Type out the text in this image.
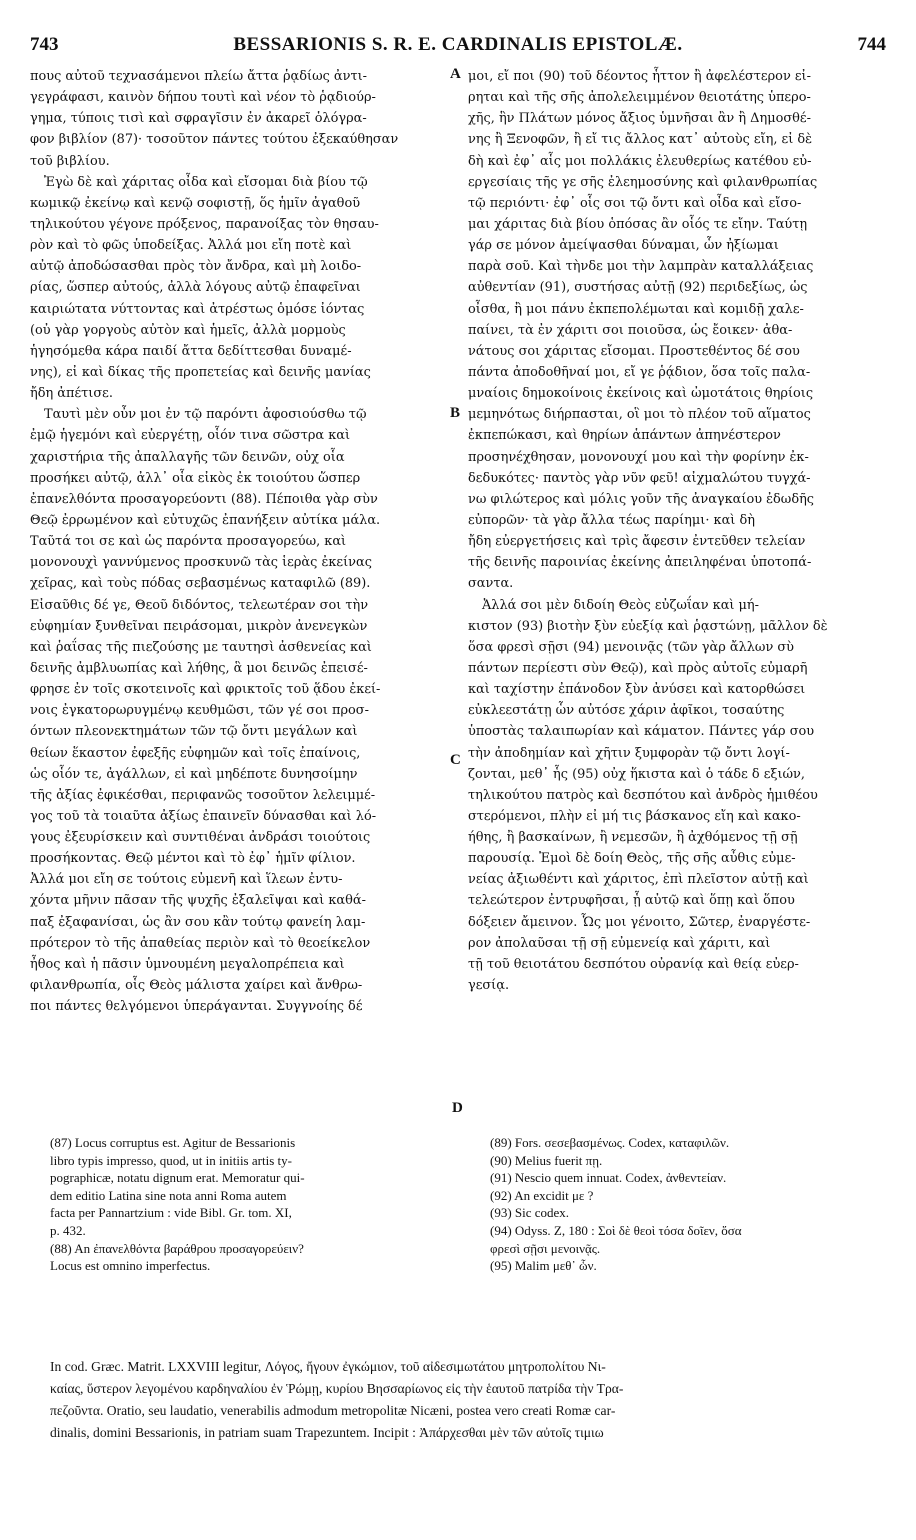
743	BESSARIONIS S. R. E. CARDINALIS EPISTOLÆ.	744
πους αὐτοῦ τεχνασάμενοι πλείω ἄττα ῥᾳδίως ἀντι-
γεγράφασι, καινὸν δήπου τουτὶ καὶ νέον τὸ ῥᾳδιούρ-
γημα, τύποις τισὶ καὶ σφραγῖσιν ἐν ἀκαρεῖ ὁλόγρα-
φον βιβλίον (87)· τοσοῦτον πάντες τούτου ἐξεκαύθησαν
τοῦ βιβλίου.
Ἐγὼ δὲ καὶ χάριτας οἶδα καὶ εἴσομαι διὰ βίου τῷ
κωμικῷ ἐκείνῳ καὶ κενῷ σοφιστῇ, ὅς ἡμῖν ἀγαθοῦ
τηλικούτου γέγονε πρόξενος, παρανοίξας τὸν θησαυ-
ρὸν καὶ τὸ φῶς ὑποδείξας. Ἀλλά μοι εἴη ποτὲ καὶ
αὐτῷ ἀποδώσασθαι πρὸς τὸν ἄνδρα, καὶ μὴ λοιδο-
ρίας, ὥσπερ αὐτούς, ἀλλὰ λόγους αὐτῷ ἐπαφεῖναι
καιριώτατα νύττοντας καὶ ἀτρέστως ὁμόσε ἰόντας
(οὐ γὰρ γοργοὺς αὐτὸν καὶ ἡμεῖς, ἀλλὰ μορμοὺς
ἡγησόμεθα κάρα παιδί ἄττα δεδίττεσθαι δυναμέ-
νης), εἰ καὶ δίκας τῆς προπετείας καὶ δεινῆς μανίας
ἤδη ἀπέτισε.
Ταυτὶ μὲν οὖν μοι ἐν τῷ παρόντι ἀφοσιούσθω τῷ
ἐμῷ ἡγεμόνι καὶ εὐεργέτῃ, οἷόν τινα σῶστρα καὶ
χαριστήρια τῆς ἀπαλλαγῆς τῶν δεινῶν, οὐχ οἷα
προσήκει αὐτῷ, ἀλλ᾽ οἷα εἰκὸς ἐκ τοιούτου ὥσπερ
ἐπανελθόντα προσαγορεύοντι (88). Πέποιθα γὰρ σὺν
Θεῷ ἐρρωμένον καὶ εὐτυχῶς ἐπανήξειν αὐτίκα μάλα.
Ταῦτά τοι σε καὶ ὡς παρόντα προσαγορεύω, καὶ
μονονουχὶ γαννύμενος προσκυνῶ τὰς ἱερὰς ἐκείνας
χεῖρας, καὶ τοὺς πόδας σεβασμένως καταφιλῶ (89).
Εἰσαῦθις δέ γε, Θεοῦ διδόντος, τελεωτέραν σοι τὴν
εὐφημίαν ξυνθεῖναι πειράσομαι, μικρὸν ἀνενεγκὼν
καὶ ῥαΐσας τῆς πιεζούσης με ταυτησὶ ἀσθενείας καὶ
δεινῆς ἀμβλυωπίας καὶ λήθης, ἃ μοι δεινῶς ἐπεισέ-
φρησε ἐν τοῖς σκοτεινοῖς καὶ φρικτοῖς τοῦ ᾅδου ἐκεί-
νοις ἐγκατορωρυγμένῳ κευθμῶσι, τῶν γέ σοι προσ-
όντων πλεονεκτημάτων τῶν τῷ ὄντι μεγάλων καὶ
θείων ἕκαστον ἐφεξῆς εὐφημῶν καὶ τοῖς ἐπαίνοις,
ὡς οἷόν τε, ἀγάλλων, εἰ καὶ μηδέποτε δυνησοίμην
τῆς ἀξίας ἐφικέσθαι, περιφανῶς τοσοῦτον λελειμμέ-
γος τοῦ τὰ τοιαῦτα ἀξίως ἐπαινεῖν δύνασθαι καὶ λό-
γους ἐξευρίσκειν καὶ συντιθέναι ἀνδράσι τοιούτοις
προσήκοντας. Θεῷ μέντοι καὶ τὸ ἐφ᾽ ἡμῖν φίλιον.
Ἀλλά μοι εἴη σε τούτοις εὐμενῆ καὶ ἵλεων ἐντυ-
χόντα μῆνιν πᾶσαν τῆς ψυχῆς ἐξαλεῖψαι καὶ καθά-
παξ ἐξαφανίσαι, ὡς ἂν σου κἂν τούτῳ φανείη λαμ-
πρότερον τὸ τῆς ἀπαθείας περιὸν καὶ τὸ θεοείκελον
ἦθος καὶ ἡ πᾶσιν ὑμνουμένη μεγαλοπρέπεια καὶ
φιλανθρωπία, οἷς Θεὸς μάλιστα χαίρει καὶ ἄνθρω-
ποι πάντες θελγόμενοι ὑπεράγανται. Συγγνοίης δέ
μοι, εἴ ποι (90) τοῦ δέοντος ἧττον ἢ ἀφελέστερον εἰ-
ρηται καὶ τῆς σῆς ἀπολελειμμένον θειοτάτης ὑπερο-
χῆς, ἣν Πλάτων μόνος ἄξιος ὑμνῆσαι ἂν ἢ Δημοσθέ-
νης ἢ Ξενοφῶν, ἢ εἴ τις ἄλλος κατ᾽ αὐτοὺς εἴη, εἰ δὲ
δὴ καὶ ἐφ᾽ αἷς μοι πολλάκις ἐλευθερίως κατέθου εὐ-
εργεσίαις τῆς γε σῆς ἐλεημοσύνης καὶ φιλανθρωπίας
τῷ περιόντι· ἐφ᾽ οἷς σοι τῷ ὄντι καὶ οἶδα καὶ εἴσο-
μαι χάριτας διὰ βίου ὁπόσας ἂν οἷός τε εἴην. Ταύτῃ
γάρ σε μόνον ἀμείψασθαι δύναμαι, ὧν ἠξίωμαι
παρὰ σοῦ. Καὶ τὴνδε μοι τὴν λαμπρὰν καταλλάξειας
αὐθεντίαν (91), συστήσας αὐτῇ (92) περιδεξίως, ὡς
οἶσθα, ἢ μοι πάνυ ἐκπεπολέμωται καὶ κομιδῇ χαλε-
παίνει, τὰ ἐν χάριτι σοι ποιοῦσα, ὡς ἔοικεν· ἀθα-
νάτους σοι χάριτας εἴσομαι. Προστεθέντος δέ σου
πάντα ἀποδοθῆναί μοι, εἴ γε ῥᾴδιον, ὅσα τοῖς παλα-
μναίοις δημοκοίνοις ἐκείνοις καὶ ὠμοτάτοις θηρίοις
μεμηνότως διήρπασται, οἳ μοι τὸ πλέον τοῦ αἵματος
ἐκπεπώκασι, καὶ θηρίων ἁπάντων ἀπηνέστερον
προσηνέχθησαν, μονονουχί μου καὶ τὴν φορίνην ἐκ-
δεδυκότες· παντὸς γὰρ νῦν φεῦ! αἰχμαλώτου τυγχά-
νω φιλώτερος καὶ μόλις γοῦν τῆς ἀναγκαίου ἐδωδῆς
εὐπορῶν· τὰ γὰρ ἄλλα τέως παρίημι· καὶ δὴ
ἤδη εὐεργετήσεις καὶ τρὶς ἄφεσιν ἐντεῦθεν τελείαν
τῆς δεινῆς παροινίας ἐκείνης ἀπειληφέναι ὑποτοπά-
σαντα.
Ἀλλά σοι μὲν διδοίη Θεὸς εὐζωΐαν καὶ μή-
κιστον (93) βιοτὴν ξὺν εὐεξίᾳ καὶ ῥᾳστώνῃ, μᾶλλον δὲ
ὅσα φρεσὶ σῇσι (94) μενοινᾷς (τῶν γὰρ ἄλλων σὺ
πάντων περίεστι σὺν Θεῷ), καὶ πρὸς αὐτοῖς εὐμαρῆ
καὶ ταχίστην ἐπάνοδον ξὺν ἀνύσει καὶ κατορθώσει
εὐκλεεστάτῃ ὧν αὐτόσε χάριν ἀφῖκοι, τοσαύτης
ὑποστὰς ταλαιπωρίαν καὶ κάματον. Πάντες γάρ σου
τὴν ἀποδημίαν καὶ χῆτιν ξυμφορὰν τῷ ὄντι λογί-
ζονται, μεθ᾽ ἧς (95) οὐχ ἥκιστα καὶ ὁ τάδε δ εξιών,
τηλικούτου πατρὸς καὶ δεσπότου καὶ ἀνδρὸς ἡμιθέου
στερόμενοι, πλὴν εἰ μή τις βάσκανος εἴη καὶ κακο-
ήθης, ἢ βασκαίνων, ἢ νεμεσῶν, ἢ ἀχθόμενος τῇ σῇ
παρουσίᾳ. Ἐμοὶ δὲ δοίη Θεὸς, τῆς σῆς αὖθις εὐμε-
νείας ἀξιωθέντι καὶ χάριτος, ἐπὶ πλεῖστον αὐτῇ καὶ
τελεώτερον ἐντρυφῆσαι, ᾗ αὐτῷ καὶ ὅπῃ καὶ ὅπου
δόξειεν ἄμεινον. Ὧς μοι γένοιτο, Σῶτερ, ἐναργέστε-
ρον ἀπολαῦσαι τῇ σῇ εὐμενείᾳ καὶ χάριτι, καὶ
τῇ τοῦ θειοτάτου δεσπότου οὐρανίᾳ καὶ θείᾳ εὐερ-
γεσίᾳ.
A
B
C
D
(87) Locus corruptus est. Agitur de Bessarionis
libro typis impresso, quod, ut in initiis artis ty-
pographicæ, notatu dignum erat. Memoratur qui-
dem editio Latina sine nota anni Roma autem
facta per Pannartzium : vide Bibl. Gr. tom. XI,
p. 432.
(88) An ἐπανελθόντα βαράθρου προσαγορεύειν?
Locus est omnino imperfectus.
(89) Fors. σεσεβασμένως. Codex, καταφιλῶν.
(90) Melius fuerit πῃ.
(91) Nescio quem innuat. Codex, ἀνθεντείαν.
(92) An excidit με ?
(93) Sic codex.
(94) Odyss. Z, 180 : Σοὶ δὲ θεοὶ τόσα δοῖεν, ὅσα
φρεσὶ σῇσι μενοινᾷς.
(95) Malim μεθ᾽ ὧν.
In cod. Græc. Matrit. LXXVIII legitur, Λόγος, ἤγουν ἐγκώμιον, τοῦ αἰδεσιμωτάτου μητροπολίτου Νι-
καίας, ὕστερον λεγομένου καρδηναλίου ἐν Ῥώμῃ, κυρίου Βησσαρίωνος εἰς τὴν ἑαυτοῦ πατρίδα τὴν Τρα-
πεζοῦντα. Oratio, seu laudatio, venerabilis admodum metropolitæ Nicæni, postea vero creati Romæ car-
dinalis, domini Bessarionis, in patriam suam Trapezuntem. Incipit : Ἀπάρχεσθαι μὲν τῶν αὐτοῖς τιμιω
